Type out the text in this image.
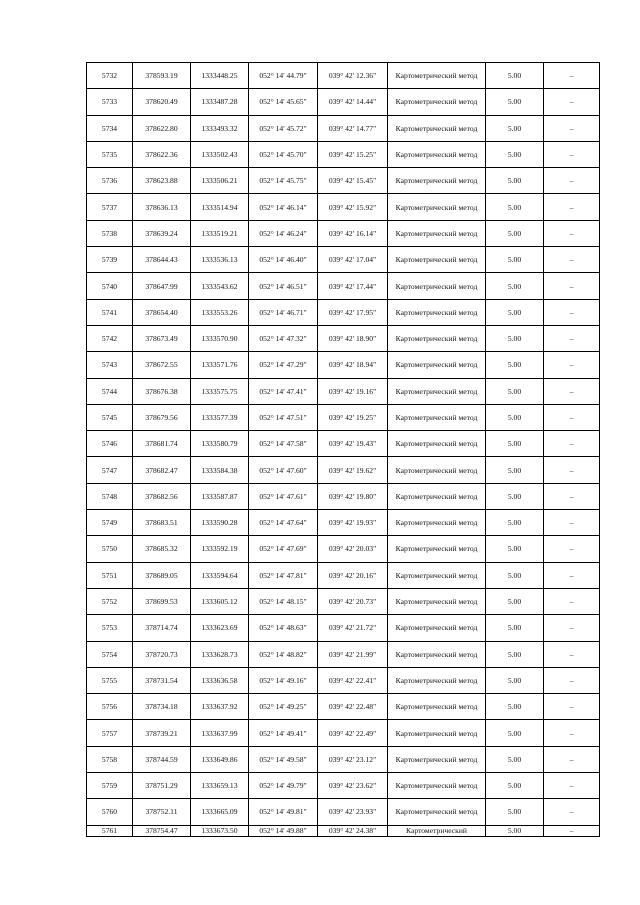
5732	378593.19	1333448.25	052° 14' 44.79"	039° 42' 12.36"	Картометрический метод	5.00	–
5733	378620.49	1333487.28	052° 14' 45.65"	039° 42' 14.44"	Картометрический метод	5.00	–
5734	378622.80	1333493.32	052° 14' 45.72"	039° 42' 14.77"	Картометрический метод	5.00	–
5735	378622.36	1333502.43	052° 14' 45.70"	039° 42' 15.25"	Картометрический метод	5.00	–
5736	378623.88	1333506.21	052° 14' 45.75"	039° 42' 15.45"	Картометрический метод	5.00	–
5737	378636.13	1333514.94	052° 14' 46.14"	039° 42' 15.92"	Картометрический метод	5.00	–
5738	378639.24	1333519.21	052° 14' 46.24"	039° 42' 16.14"	Картометрический метод	5.00	–
5739	378644.43	1333536.13	052° 14' 46.40"	039° 42' 17.04"	Картометрический метод	5.00	–
5740	378647.99	1333543.62	052° 14' 46.51"	039° 42' 17.44"	Картометрический метод	5.00	–
5741	378654.40	1333553.26	052° 14' 46.71"	039° 42' 17.95"	Картометрический метод	5.00	–
5742	378673.49	1333570.90	052° 14' 47.32"	039° 42' 18.90"	Картометрический метод	5.00	–
5743	378672.55	1333571.76	052° 14' 47.29"	039° 42' 18.94"	Картометрический метод	5.00	–
5744	378676.38	1333575.75	052° 14' 47.41"	039° 42' 19.16"	Картометрический метод	5.00	–
5745	378679.56	1333577.39	052° 14' 47.51"	039° 42' 19.25"	Картометрический метод	5.00	–
5746	378681.74	1333580.79	052° 14' 47.58"	039° 42' 19.43"	Картометрический метод	5.00	–
5747	378682.47	1333584.38	052° 14' 47.60"	039° 42' 19.62"	Картометрический метод	5.00	–
5748	378682.56	1333587.87	052° 14' 47.61"	039° 42' 19.80"	Картометрический метод	5.00	–
5749	378683.51	1333590.28	052° 14' 47.64"	039° 42' 19.93"	Картометрический метод	5.00	–
5750	378685.32	1333592.19	052° 14' 47.69"	039° 42' 20.03"	Картометрический метод	5.00	–
5751	378689.05	1333594.64	052° 14' 47.81"	039° 42' 20.16"	Картометрический метод	5.00	–
5752	378699.53	1333605.12	052° 14' 48.15"	039° 42' 20.73"	Картометрический метод	5.00	–
5753	378714.74	1333623.69	052° 14' 48.63"	039° 42' 21.72"	Картометрический метод	5.00	–
5754	378720.73	1333628.73	052° 14' 48.82"	039° 42' 21.99"	Картометрический метод	5.00	–
5755	378731.54	1333636.58	052° 14' 49.16"	039° 42' 22.41"	Картометрический метод	5.00	–
5756	378734.18	1333637.92	052° 14' 49.25"	039° 42' 22.48"	Картометрический метод	5.00	–
5757	378739.21	1333637.99	052° 14' 49.41"	039° 42' 22.49"	Картометрический метод	5.00	–
5758	378744.59	1333649.86	052° 14' 49.58"	039° 42' 23.12"	Картометрический метод	5.00	–
5759	378751.29	1333659.13	052° 14' 49.79"	039° 42' 23.62"	Картометрический метод	5.00	–
5760	378752.11	1333665.09	052° 14' 49.81"	039° 42' 23.93"	Картометрический метод	5.00	–
5761	378754.47	1333673.50	052° 14' 49.88"	039° 42' 24.38"	Картометрический	5.00	–
